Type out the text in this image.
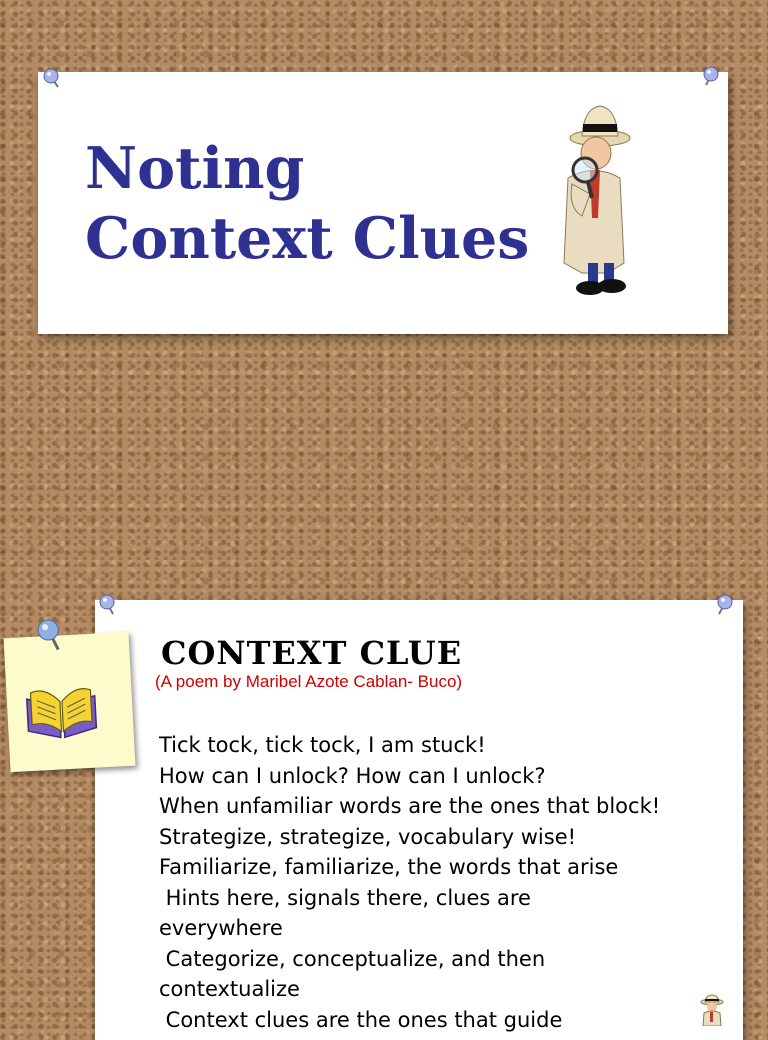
Noting
Context Clues
CONTEXT CLUE
(A poem by Maribel Azote Cablan- Buco)
Tick tock, tick tock, I am stuck!
How can I unlock? How can I unlock?
When unfamiliar words are the ones that block!
Strategize, strategize, vocabulary wise!
Familiarize, familiarize, the words that arise
Hints here, signals there, clues are
everywhere
Categorize, conceptualize, and then
contextualize
Context clues are the ones that guide
